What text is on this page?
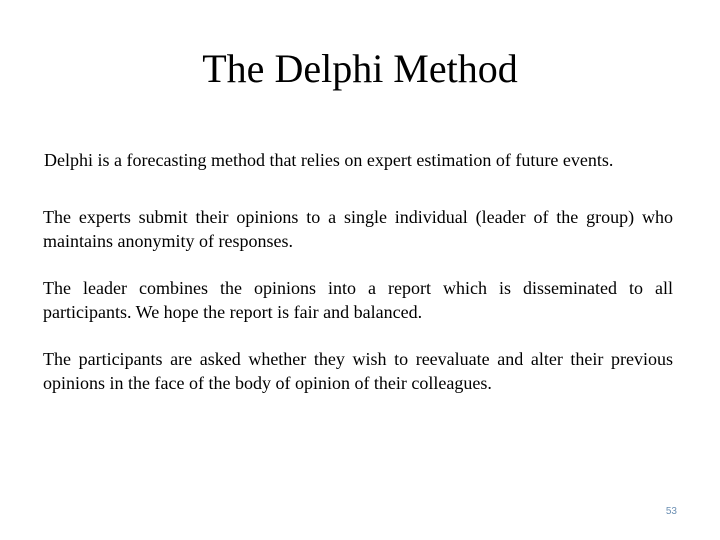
The Delphi Method
Delphi is a forecasting method that relies on expert estimation of future events.
The experts submit their opinions to a single individual (leader of the group) who maintains anonymity of responses.
The leader combines the opinions into a report which is disseminated to all participants. We hope the report is fair and balanced.
The participants are asked whether they wish to reevaluate and alter their previous opinions in the face of the body of opinion of their colleagues.
53
